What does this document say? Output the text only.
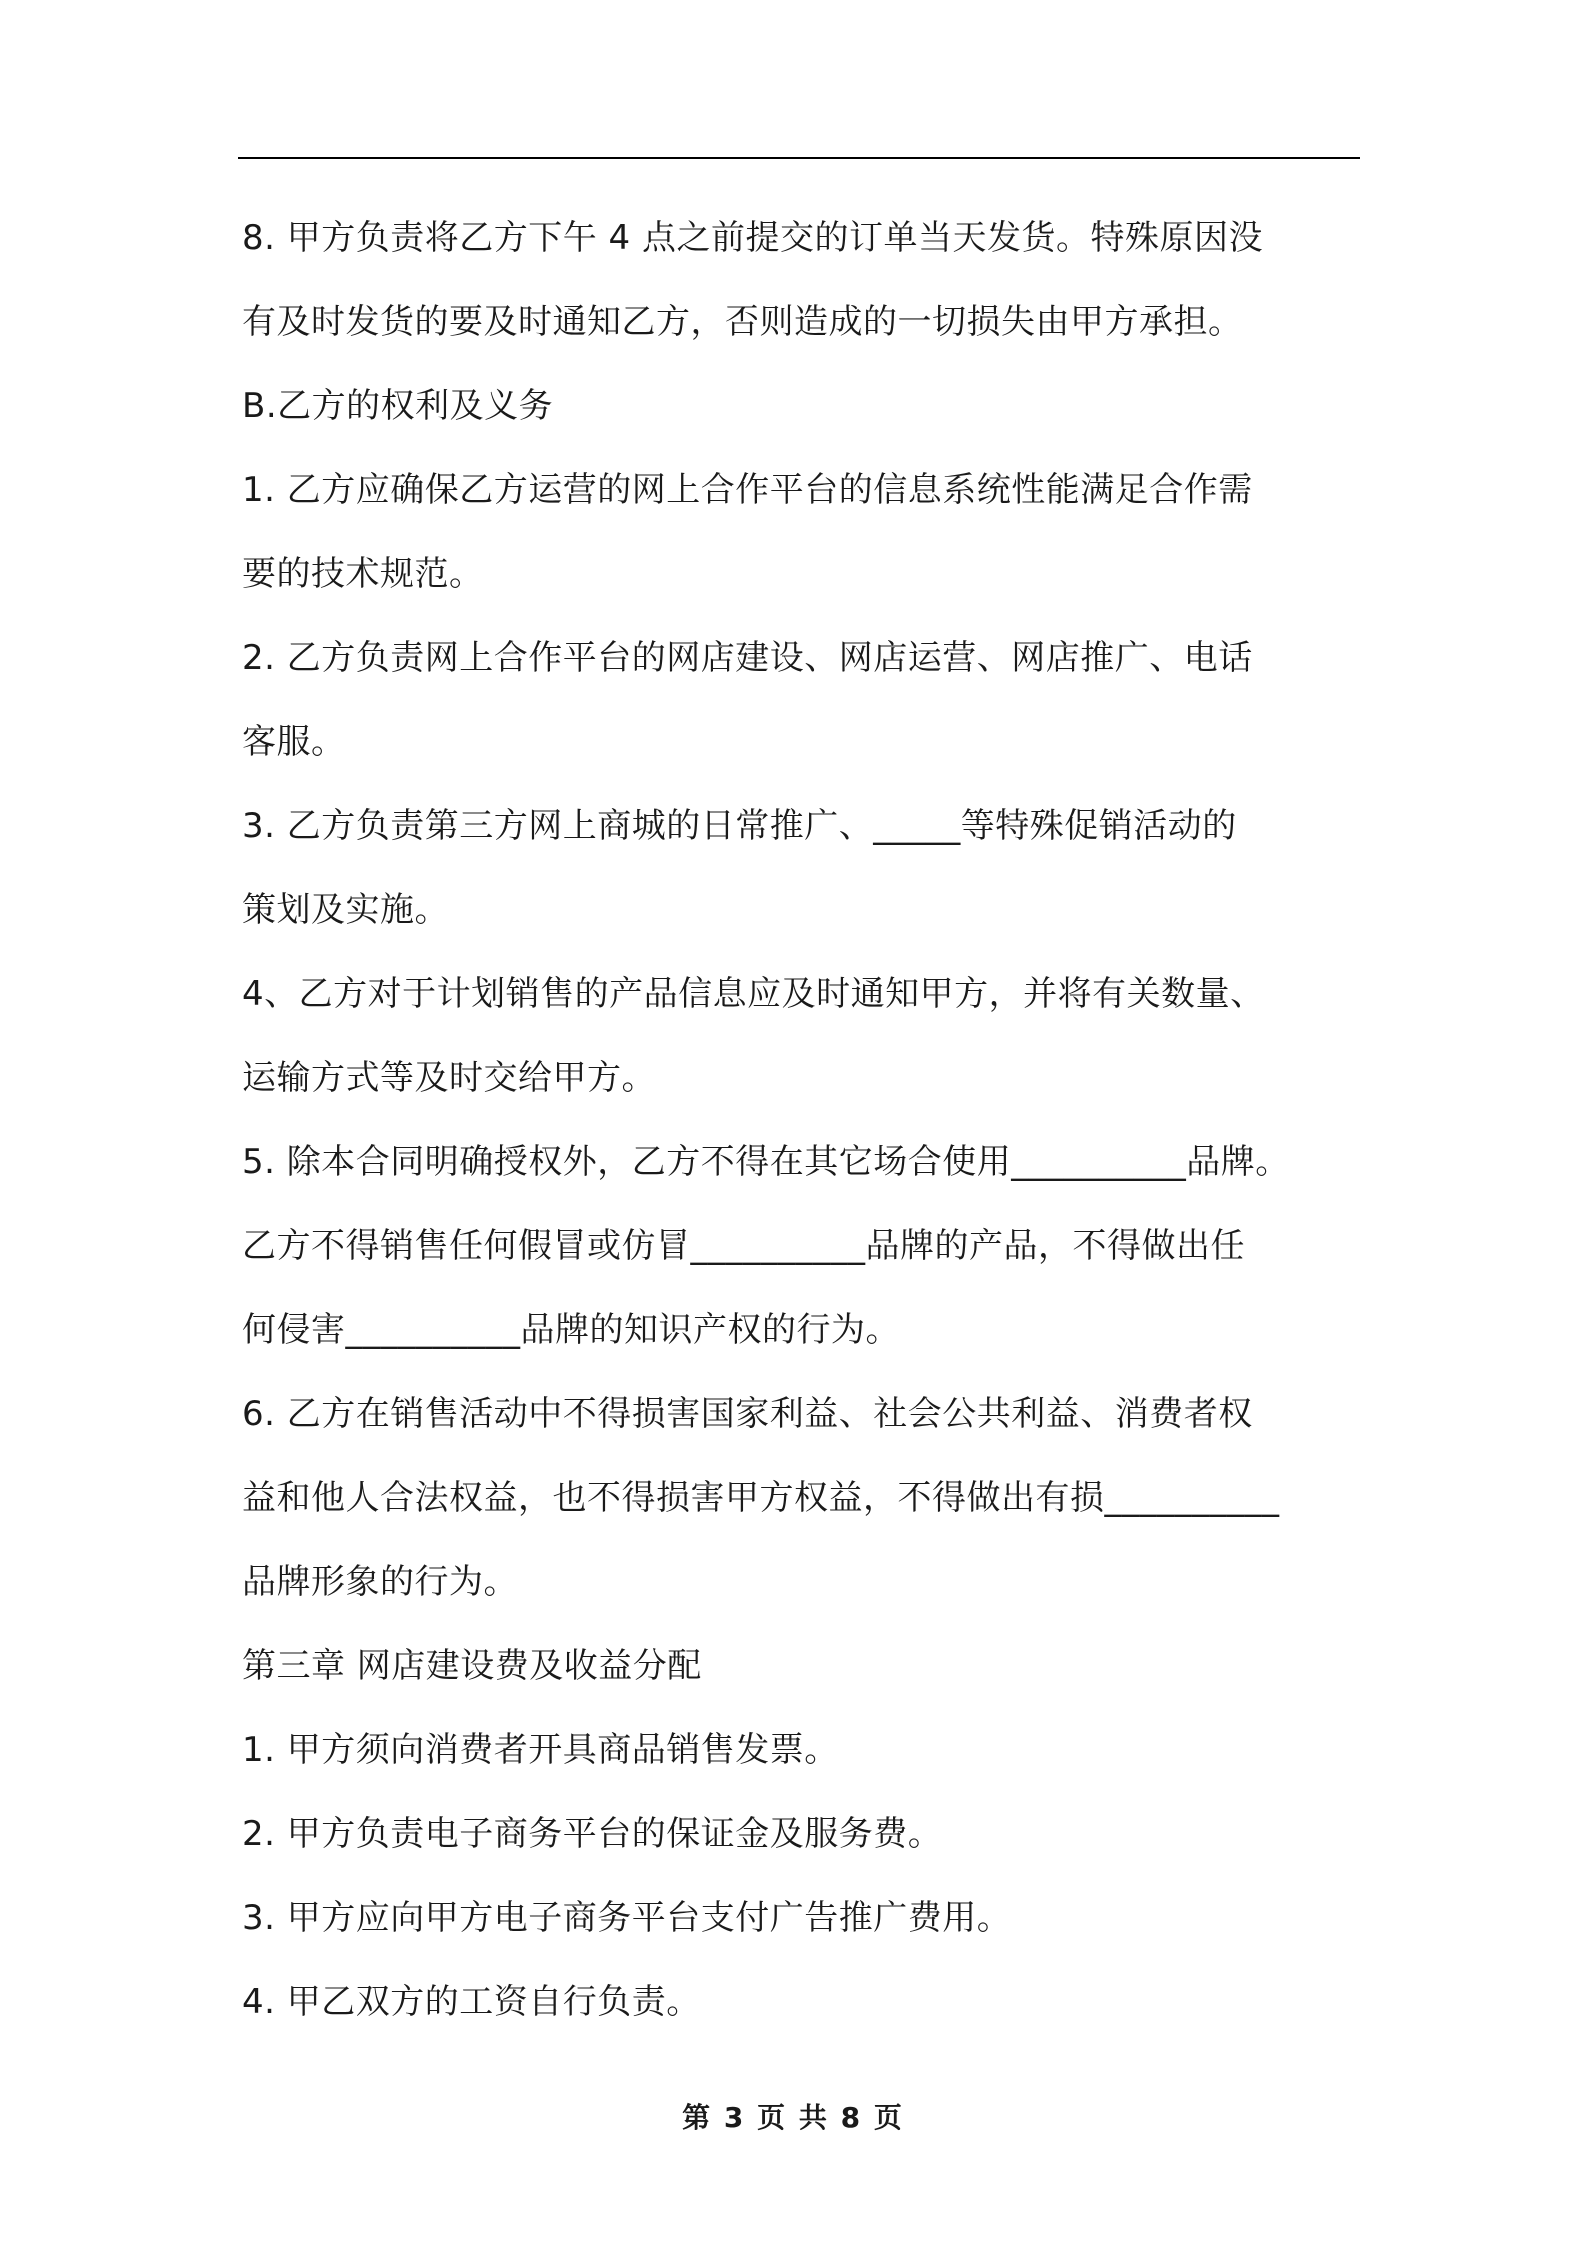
8. 甲方负责将乙方下午 4 点之前提交的订单当天发货。特殊原因没
有及时发货的要及时通知乙方，否则造成的一切损失由甲方承担。
B.乙方的权利及义务
1. 乙方应确保乙方运营的网上合作平台的信息系统性能满足合作需
要的技术规范。
2. 乙方负责网上合作平台的网店建设、网店运营、网店推广、电话
客服。
3. 乙方负责第三方网上商城的日常推广、_____等特殊促销活动的
策划及实施。
4、乙方对于计划销售的产品信息应及时通知甲方，并将有关数量、
运输方式等及时交给甲方。
5. 除本合同明确授权外，乙方不得在其它场合使用__________品牌。
乙方不得销售任何假冒或仿冒__________品牌的产品，不得做出任
何侵害__________品牌的知识产权的行为。
6. 乙方在销售活动中不得损害国家利益、社会公共利益、消费者权
益和他人合法权益，也不得损害甲方权益，不得做出有损__________
品牌形象的行为。
第三章 网店建设费及收益分配
1. 甲方须向消费者开具商品销售发票。
2. 甲方负责电子商务平台的保证金及服务费。
3. 甲方应向甲方电子商务平台支付广告推广费用。
4. 甲乙双方的工资自行负责。
第 3 页 共 8 页
